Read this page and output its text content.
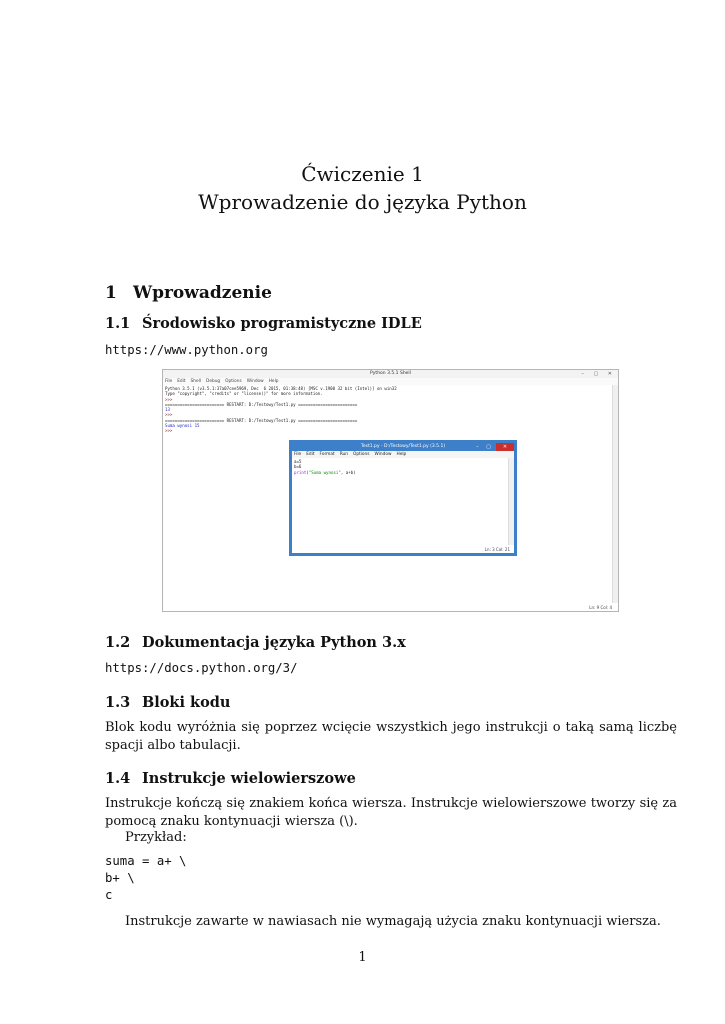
Ćwiczenie 1
Wprowadzenie do języka Python
1 Wprowadzenie
1.1 Środowisko programistyczne IDLE
https://www.python.org
Python 3.5.1 Shell	– ▢ ✕
File Edit Shell Debug Options Window Help
Python 3.5.1 (v3.5.1:37a07cee5969, Dec  6 2015, 01:38:48) [MSC v.1900 32 bit (Intel)] on win32
Type "copyright", "credits" or "license()" for more information.
>>>
======================== RESTART: D:/Testowy/Test1.py ========================
13
>>>
======================== RESTART: D:/Testowy/Test1.py ========================
Suma wynosi 15
>>>
Ln: 9 Col: 4
Test1.py - D:/Testowy/Test1.py (3.5.1)	– ▢	✕
File Edit Format Run Options Window Help
a=5
b=6
print("Suma wynosi", a+b)
Ln: 3 Col: 21
1.2 Dokumentacja języka Python 3.x
https://docs.python.org/3/
1.3 Bloki kodu
Blok kodu wyróżnia się poprzez wcięcie wszystkich jego instrukcji o taką samą liczbę spacji albo tabulacji.
1.4 Instrukcje wielowierszowe
Instrukcje kończą się znakiem końca wiersza. Instrukcje wielowierszowe tworzy się za pomocą znaku kontynuacji wiersza (\).
Przykład:
suma = a+ \
b+ \
c
Instrukcje zawarte w nawiasach nie wymagają użycia znaku kontynuacji wiersza.
1
